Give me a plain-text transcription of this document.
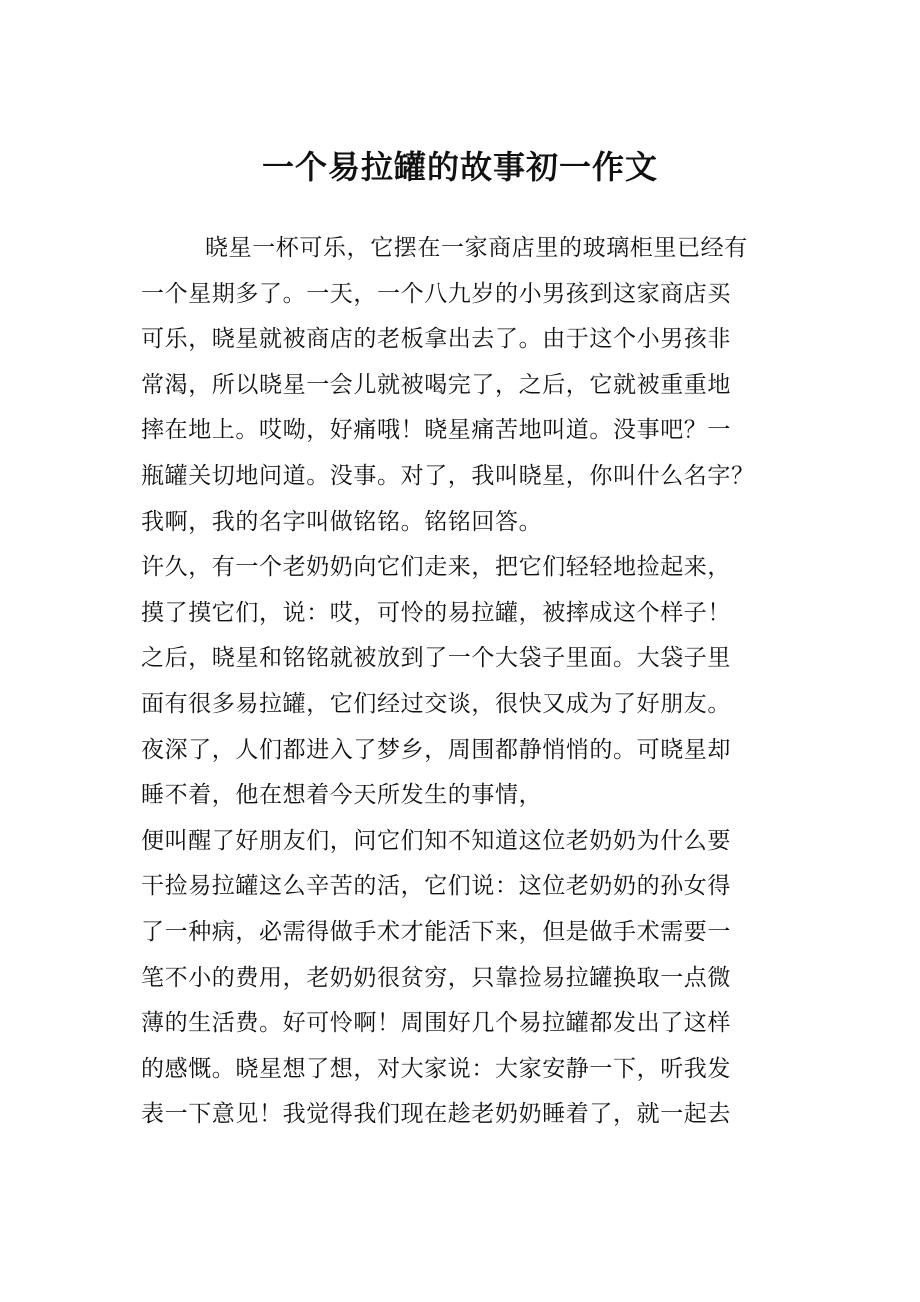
一个易拉罐的故事初一作文
晓星一杯可乐，它摆在一家商店里的玻璃柜里已经有
一个星期多了。一天，一个八九岁的小男孩到这家商店买
可乐，晓星就被商店的老板拿出去了。由于这个小男孩非
常渴，所以晓星一会儿就被喝完了，之后，它就被重重地
摔在地上。哎呦，好痛哦！晓星痛苦地叫道。没事吧？一
瓶罐关切地问道。没事。对了，我叫晓星，你叫什么名字？
我啊，我的名字叫做铭铭。铭铭回答。
许久，有一个老奶奶向它们走来，把它们轻轻地捡起来，
摸了摸它们，说：哎，可怜的易拉罐，被摔成这个样子！
之后，晓星和铭铭就被放到了一个大袋子里面。大袋子里
面有很多易拉罐，它们经过交谈，很快又成为了好朋友。
夜深了，人们都进入了梦乡，周围都静悄悄的。可晓星却
睡不着，他在想着今天所发生的事情，
便叫醒了好朋友们，问它们知不知道这位老奶奶为什么要
干捡易拉罐这么辛苦的活，它们说：这位老奶奶的孙女得
了一种病，必需得做手术才能活下来，但是做手术需要一
笔不小的费用，老奶奶很贫穷，只靠捡易拉罐换取一点微
薄的生活费。好可怜啊！周围好几个易拉罐都发出了这样
的感慨。晓星想了想，对大家说：大家安静一下，听我发
表一下意见！我觉得我们现在趁老奶奶睡着了，就一起去
